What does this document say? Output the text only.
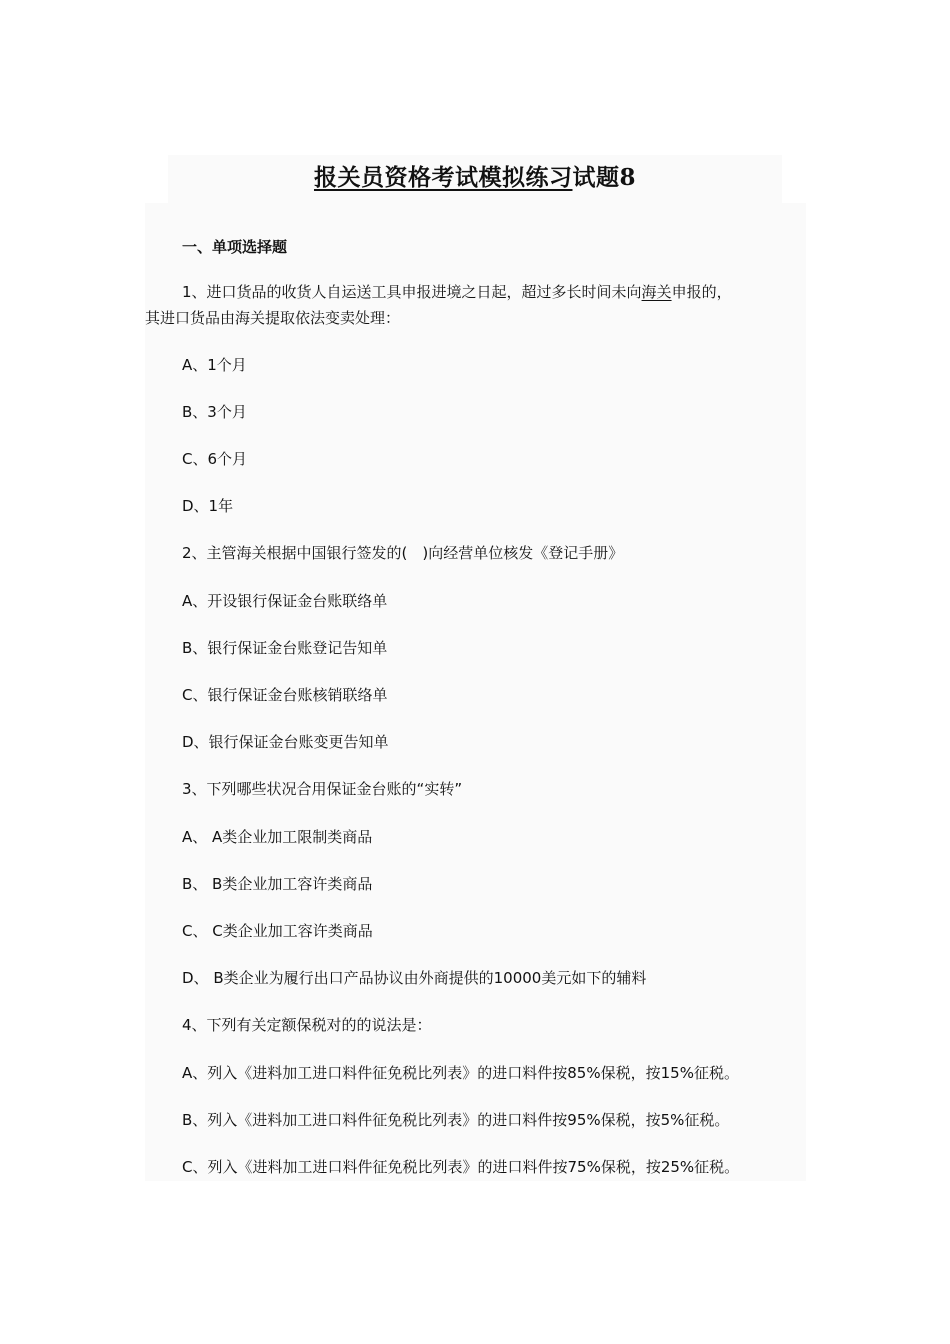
报关员资格考试模拟练习试题8
一、单项选择题
1、进口货品的收货人自运送工具申报进境之日起，超过多长时间未向海关申报的，
其进口货品由海关提取依法变卖处理：
A、1个月
B、3个月
C、6个月
D、1年
2、主管海关根据中国银行签发的(　)向经营单位核发《登记手册》
A、开设银行保证金台账联络单
B、银行保证金台账登记告知单
C、银行保证金台账核销联络单
D、银行保证金台账变更告知单
3、下列哪些状况合用保证金台账的“实转”
A、 A类企业加工限制类商品
B、 B类企业加工容许类商品
C、 C类企业加工容许类商品
D、 B类企业为履行出口产品协议由外商提供的10000美元如下的辅料
4、下列有关定额保税对的的说法是：
A、列入《进料加工进口料件征免税比列表》的进口料件按85%保税，按15%征税。
B、列入《进料加工进口料件征免税比列表》的进口料件按95%保税，按5%征税。
C、列入《进料加工进口料件征免税比列表》的进口料件按75%保税，按25%征税。
